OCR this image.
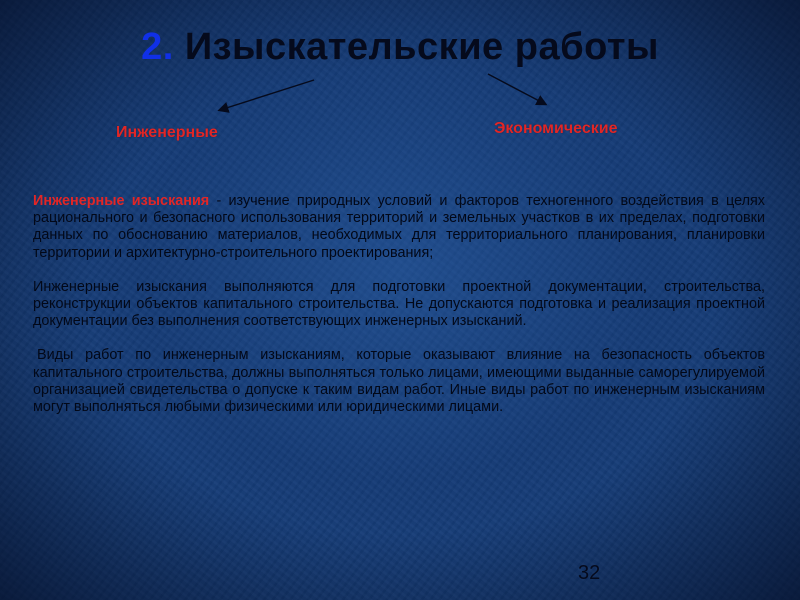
2. Изыскательские работы
Инженерные	Экономические

Инженерные изыскания - изучение природных условий и факторов техногенного воздействия в целях рационального и безопасного использования территорий и земельных участков в их пределах, подготовки данных по обоснованию материалов, необходимых для территориального планирования, планировки территории и архитектурно-строительного проектирования;

Инженерные изыскания выполняются для подготовки проектной документации, строительства, реконструкции объектов капитального строительства. Не допускаются подготовка и реализация проектной документации без выполнения соответствующих инженерных изысканий.

Виды работ по инженерным изысканиям, которые оказывают влияние на безопасность объектов капитального строительства, должны выполняться только лицами, имеющими выданные саморегулируемой организацией свидетельства о допуске к таким видам работ. Иные виды работ по инженерным изысканиям могут выполняться любыми физическими или юридическими лицами.

32
